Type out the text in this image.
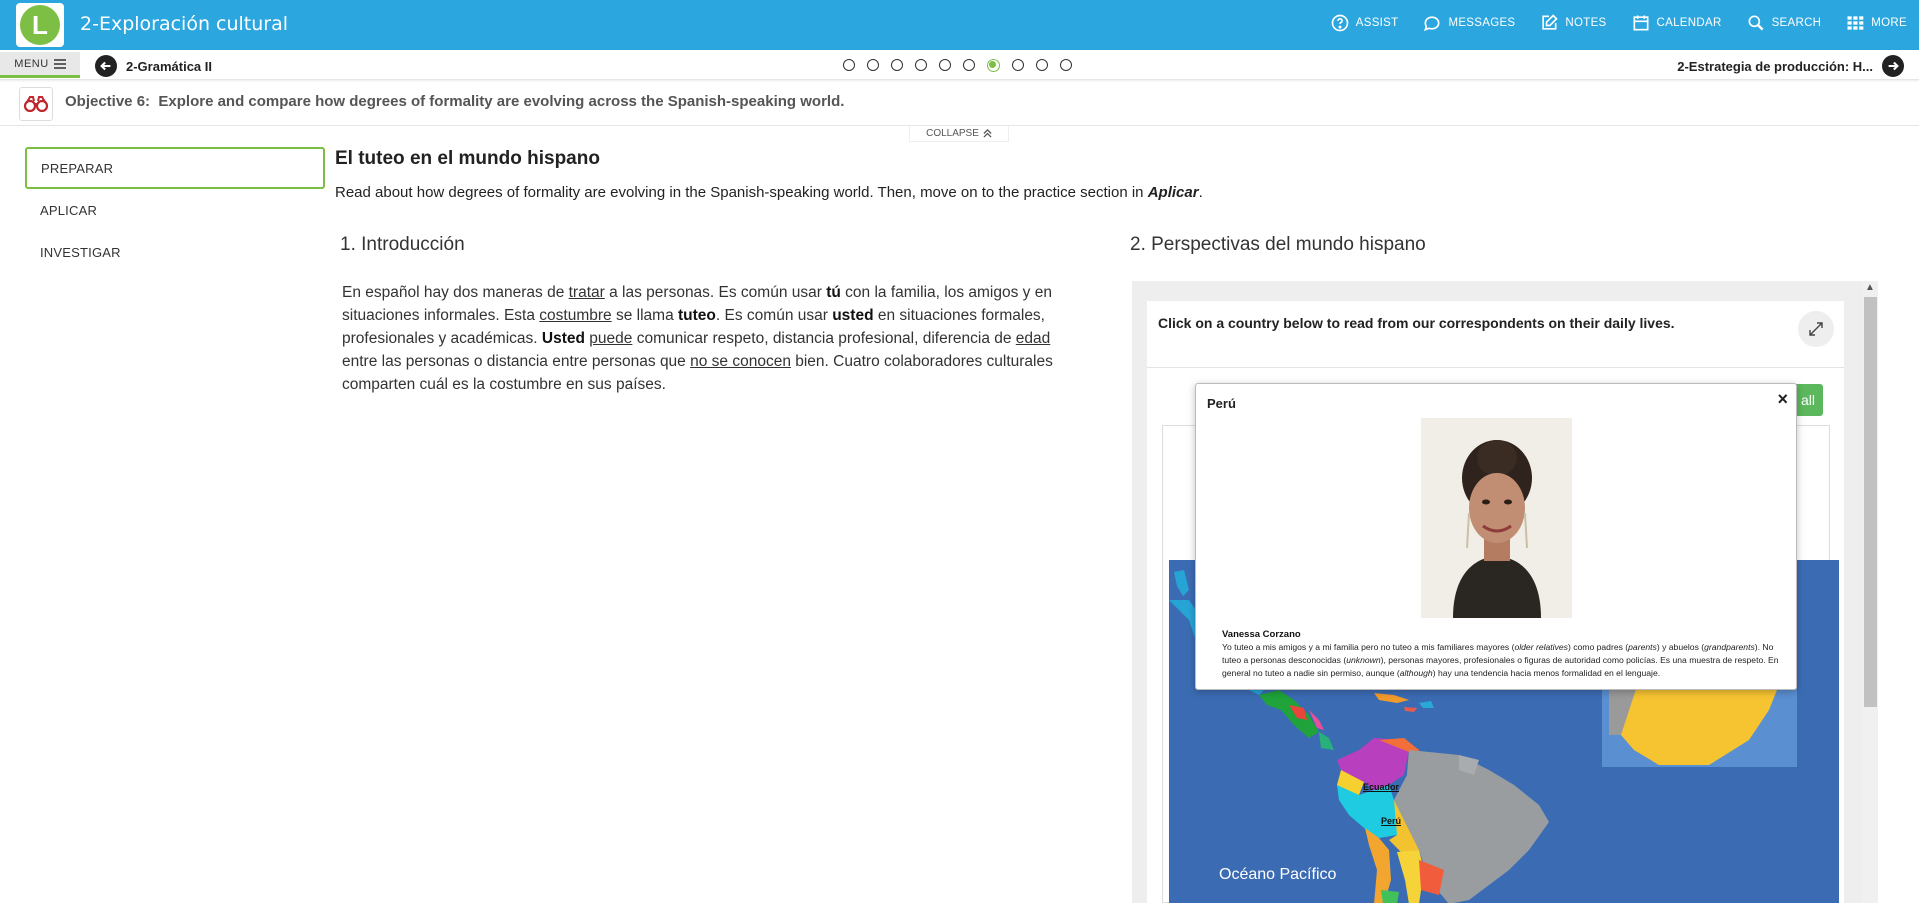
L	2-Exploración cultural	ASSIST	MESSAGES	NOTES	CALENDAR	SEARCH	MORE
MENU	2-Gramática II	2-Estrategia de producción: H...
Objective 6: Explore and compare how degrees of formality are evolving across the Spanish-speaking world.
COLLAPSE
PREPARAR
APLICAR
INVESTIGAR
El tuteo en el mundo hispano
Read about how degrees of formality are evolving in the Spanish-speaking world. Then, move on to the practice section in Aplicar.
1. Introducción
En español hay dos maneras de tratar a las personas. Es común usar tú con la familia, los amigos y en situaciones informales. Esta costumbre se llama tuteo. Es común usar usted en situaciones formales, profesionales y académicas. Usted puede comunicar respeto, distancia profesional, diferencia de edad entre las personas o distancia entre personas que no se conocen bien. Cuatro colaboradores culturales comparten cuál es la costumbre en sus países.
2. Perspectivas del mundo hispano
Click on a country below to read from our correspondents on their daily lives.
all
Ecuador
Perú
Océano Pacífico
▲
Perú	×
Vanessa Corzano
Yo tuteo a mis amigos y a mi familia pero no tuteo a mis familiares mayores (older relatives) como padres (parents) y abuelos (grandparents). No tuteo a personas desconocidas (unknown), personas mayores, profesionales o figuras de autoridad como policías. Es una muestra de respeto. En general no tuteo a nadie sin permiso, aunque (although) hay una tendencia hacia menos formalidad en el lenguaje.
